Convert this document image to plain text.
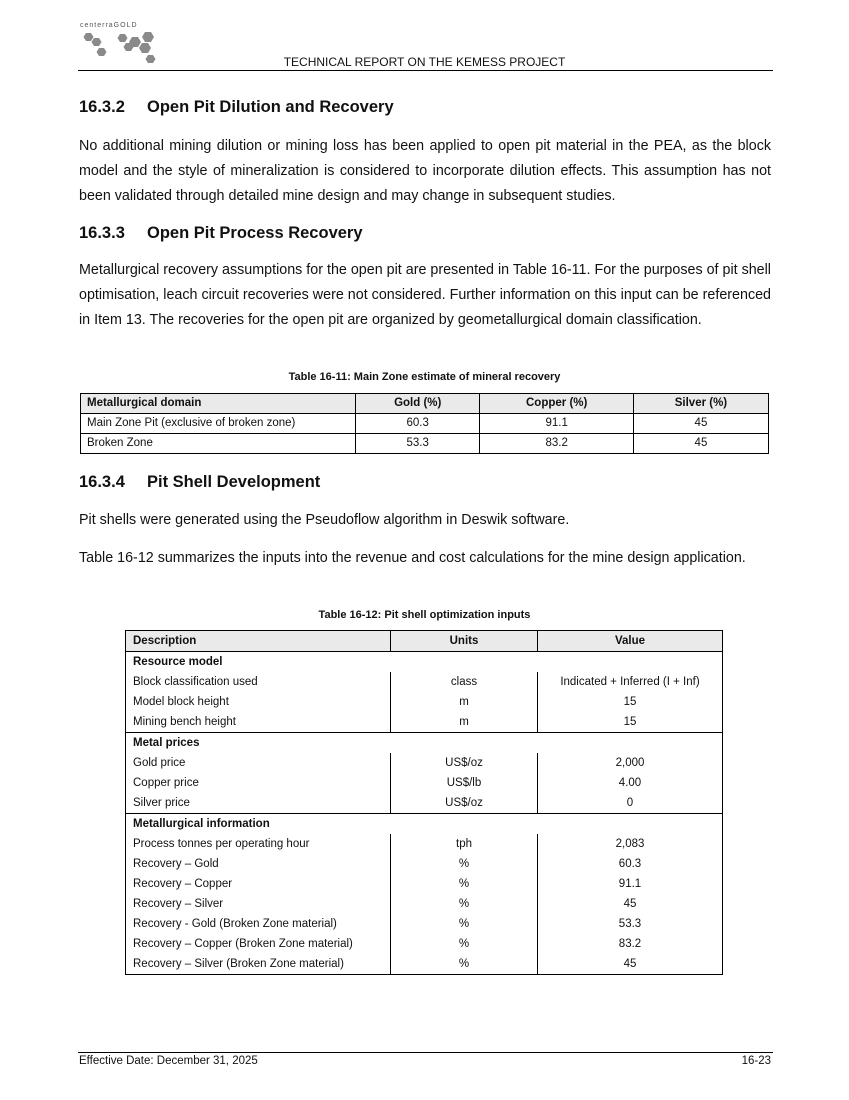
centerraGOLD
TECHNICAL REPORT ON THE KEMESS PROJECT
16.3.2 Open Pit Dilution and Recovery

No additional mining dilution or mining loss has been applied to open pit material in the PEA, as the block model and the style of mineralization is considered to incorporate dilution effects. This assumption has not been validated through detailed mine design and may change in subsequent studies.

16.3.3 Open Pit Process Recovery

Metallurgical recovery assumptions for the open pit are presented in Table 16-11. For the purposes of pit shell optimisation, leach circuit recoveries were not considered. Further information on this input can be referenced in Item 13. The recoveries for the open pit are organized by geometallurgical domain classification.

Table 16-11: Main Zone estimate of mineral recovery
Metallurgical domain	Gold (%)	Copper (%)	Silver (%)
Main Zone Pit (exclusive of broken zone)	60.3	91.1	45
Broken Zone	53.3	83.2	45
16.3.4 Pit Shell Development

Pit shells were generated using the Pseudoflow algorithm in Deswik software.

Table 16-12 summarizes the inputs into the revenue and cost calculations for the mine design application.

Table 16-12: Pit shell optimization inputs
Description	Units	Value
Resource model		
Block classification used	class	Indicated + Inferred (I + Inf)
Model block height	m	15
Mining bench height	m	15
Metal prices		
Gold price	US$/oz	2,000
Copper price	US$/lb	4.00
Silver price	US$/oz	0
Metallurgical information		
Process tonnes per operating hour	tph	2,083
Recovery – Gold	%	60.3
Recovery – Copper	%	91.1
Recovery – Silver	%	45
Recovery - Gold (Broken Zone material)	%	53.3
Recovery – Copper (Broken Zone material)	%	83.2
Recovery – Silver (Broken Zone material)	%	45
Effective Date: December 31, 2025	16-23
